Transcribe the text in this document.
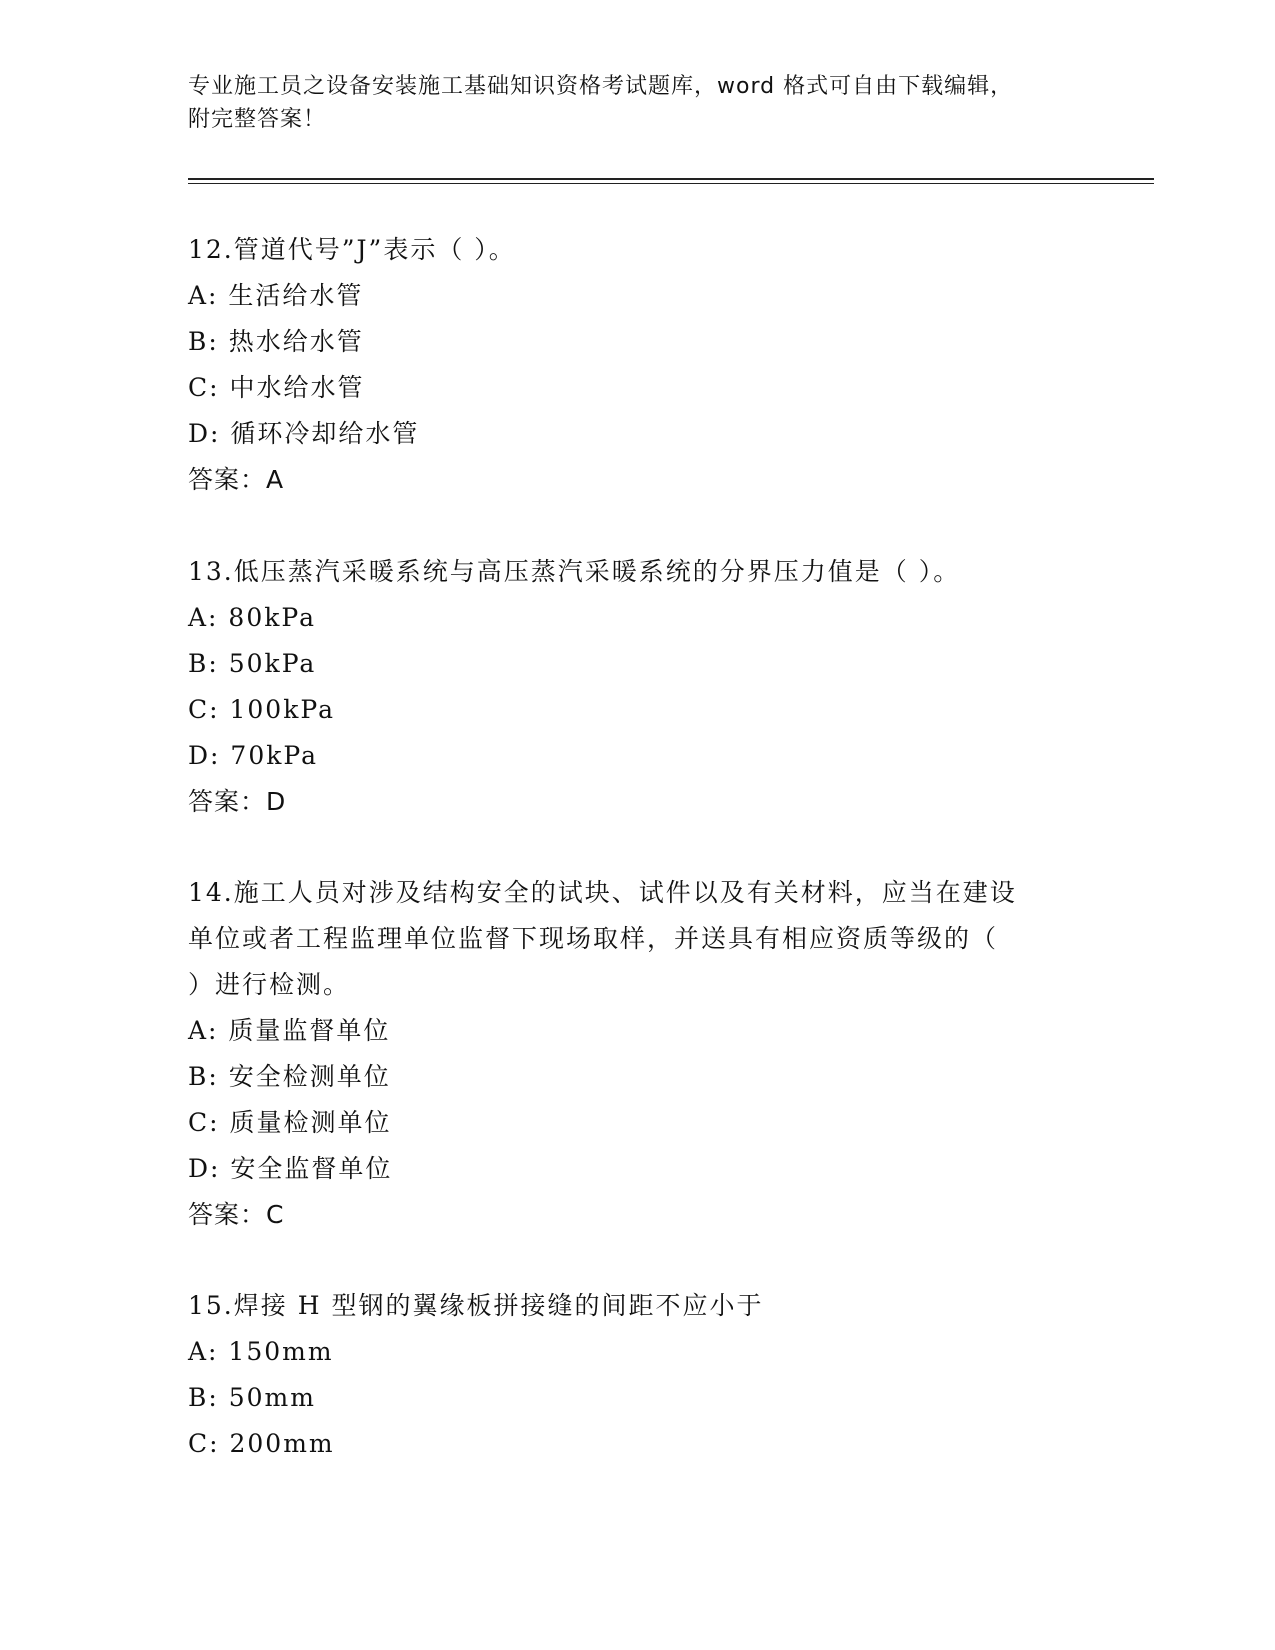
专业施工员之设备安装施工基础知识资格考试题库，word 格式可自由下载编辑，
附完整答案！
12.管道代号”J”表示（ ）。
A: 生活给水管
B: 热水给水管
C: 中水给水管
D: 循环冷却给水管
答案：A
13.低压蒸汽采暖系统与高压蒸汽采暖系统的分界压力值是（ ）。
A: 80kPa
B: 50kPa
C: 100kPa
D: 70kPa
答案：D
14.施工人员对涉及结构安全的试块、试件以及有关材料，应当在建设
单位或者工程监理单位监督下现场取样，并送具有相应资质等级的（
）进行检测。
A: 质量监督单位
B: 安全检测单位
C: 质量检测单位
D: 安全监督单位
答案：C
15.焊接 H 型钢的翼缘板拼接缝的间距不应小于
A: 150mm
B: 50mm
C: 200mm
